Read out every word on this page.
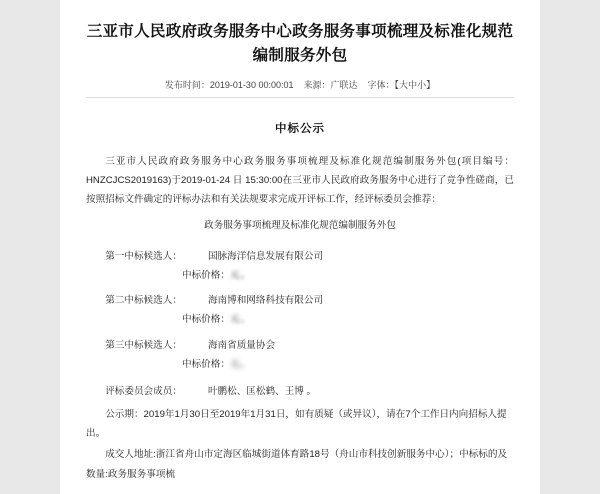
三亚市人民政府政务服务中心政务服务事项梳理及标准化规范编制服务外包
发布时间：2019-01-30 00:00:01 来源：广联达 字体：【大中小】
中标公示
三亚市人民政府政务服务中心政务服务事项梳理及标准化规范编制服务外包(项目编号：HNZCJCS2019163)于2019-01-24 日 15:30:00在三亚市人民政府政务服务中心进行了竞争性磋商，已按照招标文件确定的评标办法和有关法规要求完成开评标工作，经评标委员会推荐：
政务服务事项梳理及标准化规范编制服务外包
第一中标候选人：	国脉海洋信息发展有限公司
中标价格：元。
第二中标候选人：	海南博和网络科技有限公司
中标价格：元。
第三中标候选人：	海南省质量协会
中标价格：元。
评标委员会成员：	叶鹏松、匡松鹤、王博 。
公示期：2019年1月30日至2019年1月31日，如有质疑（或异议），请在7个工作日内向招标人提出。
成交人地址:浙江省舟山市定海区临城街道体育路18号（舟山市科技创新服务中心）；中标标的及数量:政务服务事项梳
